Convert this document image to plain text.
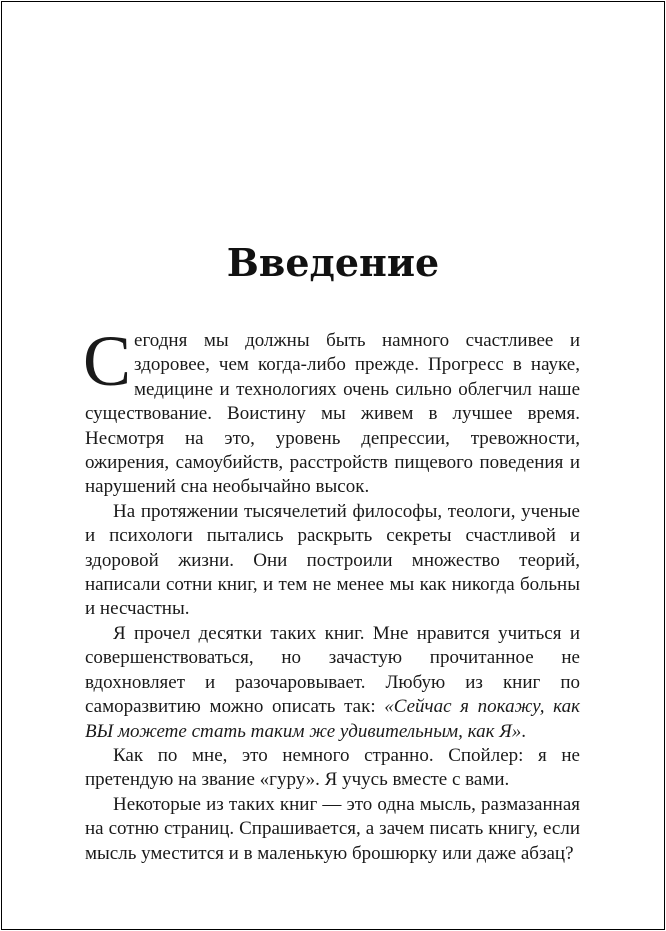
Введение

Сегодня мы должны быть намного счастливее и здоровее, чем когда-либо прежде. Прогресс в науке, медицине и технологиях очень сильно облегчил наше существование. Воистину мы живем в лучшее время. Несмотря на это, уровень депрессии, тревожности, ожирения, самоубийств, расстройств пищевого поведения и нарушений сна необычайно высок.

На протяжении тысячелетий философы, теологи, ученые и психологи пытались раскрыть секреты счастливой и здоровой жизни. Они построили множество теорий, написали сотни книг, и тем не менее мы как никогда больны и несчастны.

Я прочел десятки таких книг. Мне нравится учиться и совершенствоваться, но зачастую прочитанное не вдохновляет и разочаровывает. Любую из книг по саморазвитию можно описать так: «Сейчас я покажу, как ВЫ можете стать таким же удивительным, как Я».

Как по мне, это немного странно. Спойлер: я не претендую на звание «гуру». Я учусь вместе с вами.

Некоторые из таких книг — это одна мысль, размазанная на сотню страниц. Спрашивается, а зачем писать книгу, если мысль уместится и в маленькую брошюрку или даже абзац?
